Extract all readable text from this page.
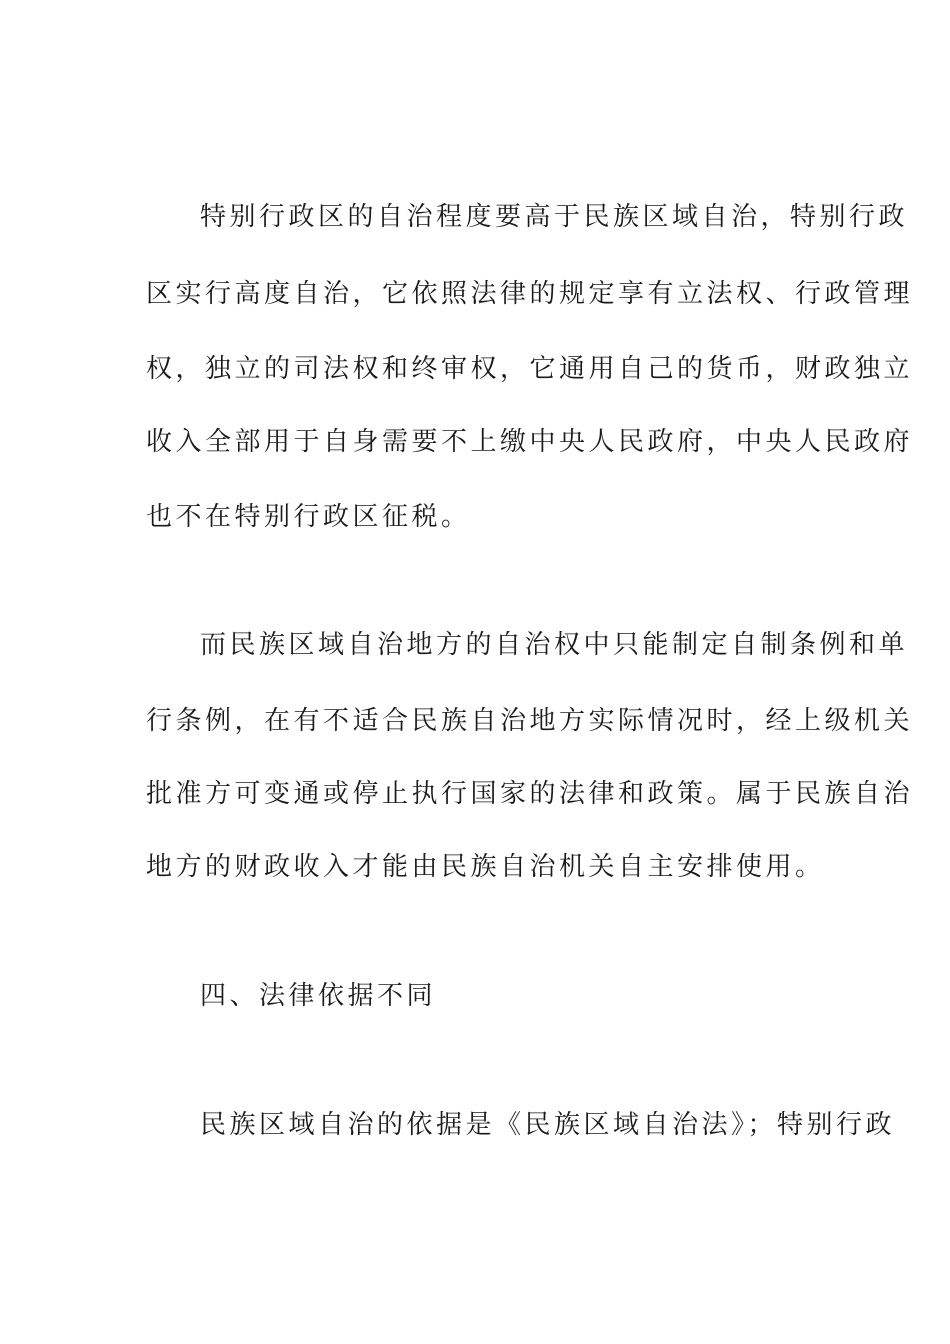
特别行政区的自治程度要高于民族区域自治，特别行政
区实行高度自治，它依照法律的规定享有立法权、行政管理
权，独立的司法权和终审权，它通用自己的货币，财政独立
收入全部用于自身需要不上缴中央人民政府，中央人民政府
也不在特别行政区征税。
而民族区域自治地方的自治权中只能制定自制条例和单
行条例，在有不适合民族自治地方实际情况时，经上级机关
批准方可变通或停止执行国家的法律和政策。属于民族自治
地方的财政收入才能由民族自治机关自主安排使用。
四、法律依据不同
民族区域自治的依据是《民族区域自治法》；特别行政
